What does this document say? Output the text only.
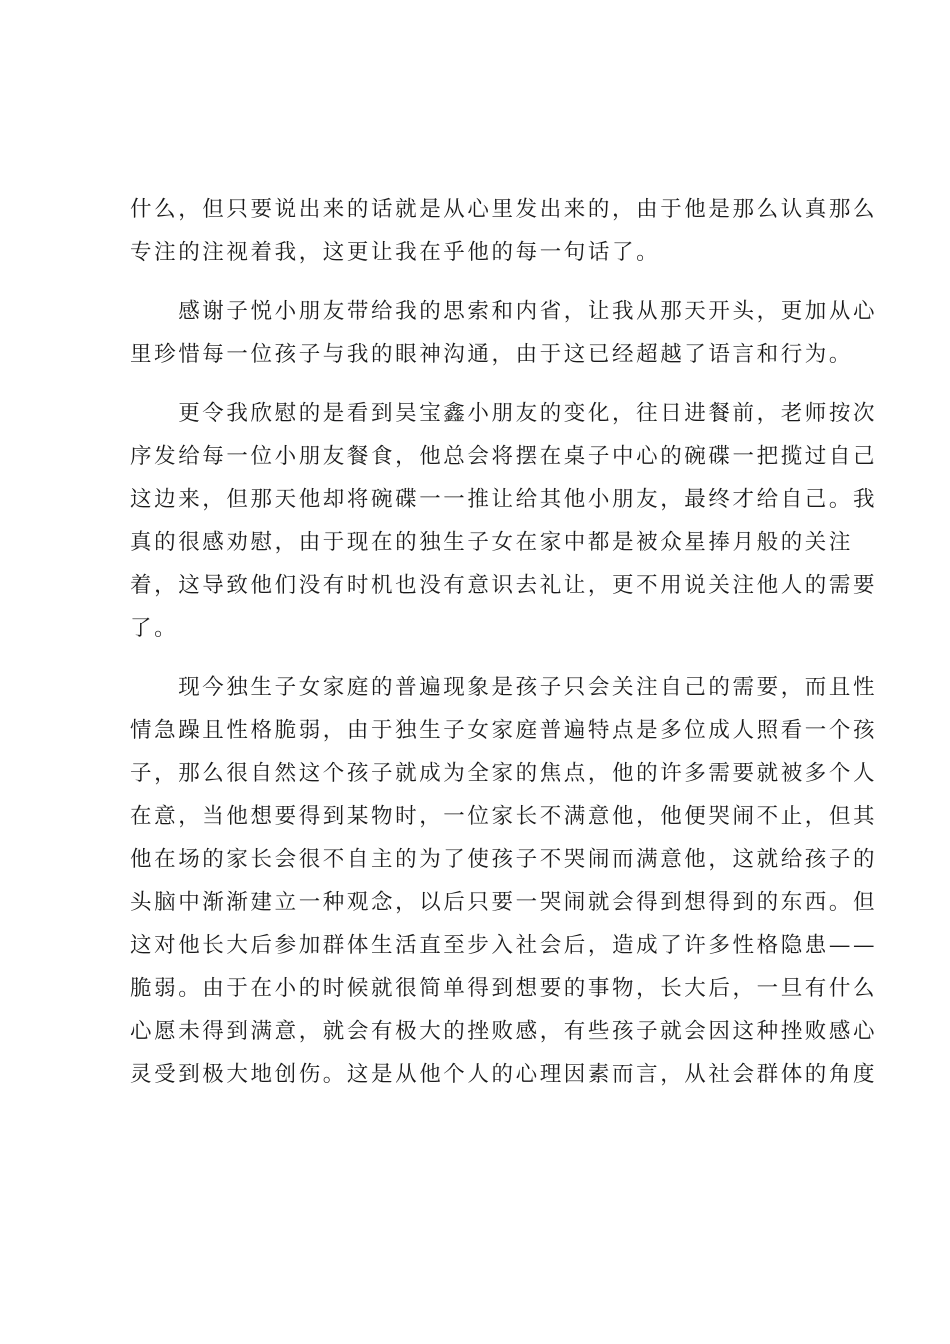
什么，但只要说出来的话就是从心里发出来的，由于他是那么认真那么
专注的注视着我，这更让我在乎他的每一句话了。
　　感谢子悦小朋友带给我的思索和内省，让我从那天开头，更加从心
里珍惜每一位孩子与我的眼神沟通，由于这已经超越了语言和行为。
　　更令我欣慰的是看到吴宝鑫小朋友的变化，往日进餐前，老师按次
序发给每一位小朋友餐食，他总会将摆在桌子中心的碗碟一把揽过自己
这边来，但那天他却将碗碟一一推让给其他小朋友，最终才给自己。我
真的很感劝慰，由于现在的独生子女在家中都是被众星捧月般的关注
着，这导致他们没有时机也没有意识去礼让，更不用说关注他人的需要
了。
　　现今独生子女家庭的普遍现象是孩子只会关注自己的需要，而且性
情急躁且性格脆弱，由于独生子女家庭普遍特点是多位成人照看一个孩
子，那么很自然这个孩子就成为全家的焦点，他的许多需要就被多个人
在意，当他想要得到某物时，一位家长不满意他，他便哭闹不止，但其
他在场的家长会很不自主的为了使孩子不哭闹而满意他，这就给孩子的
头脑中渐渐建立一种观念，以后只要一哭闹就会得到想得到的东西。但
这对他长大后参加群体生活直至步入社会后，造成了许多性格隐患——
脆弱。由于在小的时候就很简单得到想要的事物，长大后，一旦有什么
心愿未得到满意，就会有极大的挫败感，有些孩子就会因这种挫败感心
灵受到极大地创伤。这是从他个人的心理因素而言，从社会群体的角度
